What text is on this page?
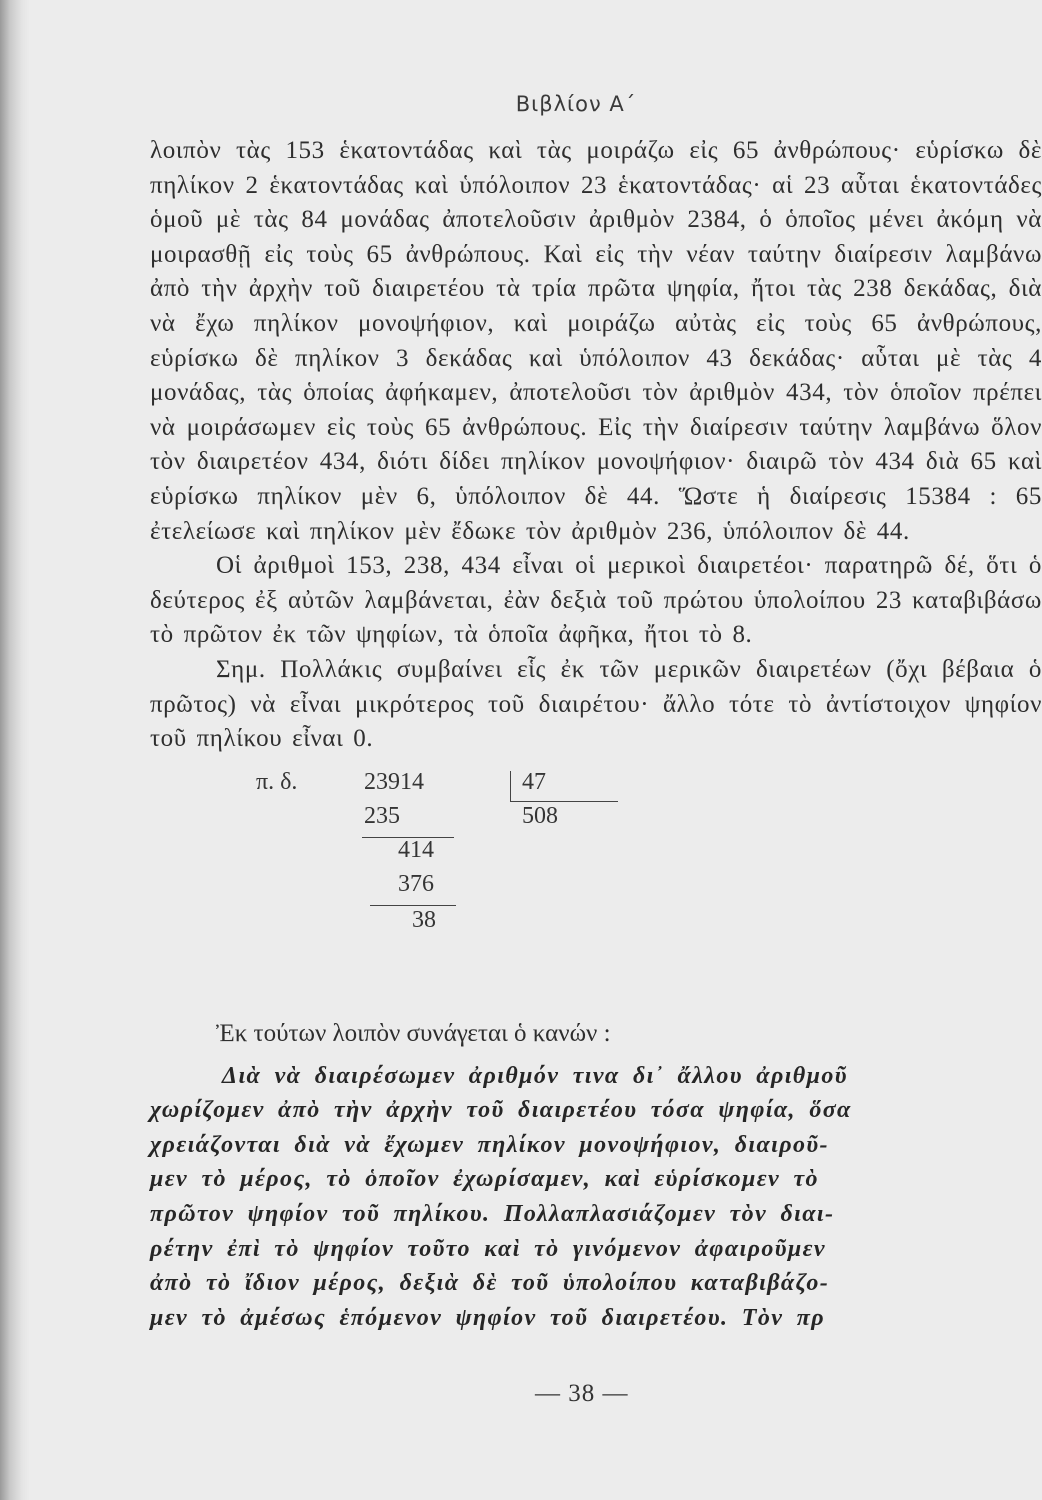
Βιβλίον Α΄

λοιπὸν τὰς 153 ἑκατοντάδας καὶ τὰς μοιράζω εἰς 65 ἀνθρώπους· εὑρίσκω δὲ πηλίκον 2 ἑκατοντάδας καὶ ὑπόλοιπον 23 ἑκατοντάδας· αἱ 23 αὗται ἑκατοντάδες ὁμοῦ μὲ τὰς 84 μονάδας ἀποτελοῦσιν ἀριθμὸν 2384, ὁ ὁποῖος μένει ἀκόμη νὰ μοιρασθῇ εἰς τοὺς 65 ἀνθρώπους. Καὶ εἰς τὴν νέαν ταύτην διαίρεσιν λαμβάνω ἀπὸ τὴν ἀρχὴν τοῦ διαιρετέου τὰ τρία πρῶτα ψηφία, ἤτοι τὰς 238 δεκάδας, διὰ νὰ ἔχω πηλίκον μονοψήφιον, καὶ μοιράζω αὐτὰς εἰς τοὺς 65 ἀνθρώπους, εὑρίσκω δὲ πηλίκον 3 δεκάδας καὶ ὑπόλοιπον 43 δεκάδας· αὗται μὲ τὰς 4 μονάδας, τὰς ὁποίας ἀφήκαμεν, ἀποτελοῦσι τὸν ἀριθμὸν 434, τὸν ὁποῖον πρέπει νὰ μοιράσωμεν εἰς τοὺς 65 ἀνθρώπους. Εἰς τὴν διαίρεσιν ταύτην λαμβάνω ὅλον τὸν διαιρετέον 434, διότι δίδει πηλίκον μονοψήφιον· διαιρῶ τὸν 434 διὰ 65 καὶ εὑρίσκω πηλίκον μὲν 6, ὑπόλοιπον δὲ 44. Ὥστε ἡ διαίρεσις 15384 : 65 ἐτελείωσε καὶ πηλίκον μὲν ἔδωκε τὸν ἀριθμὸν 236, ὑπόλοιπον δὲ 44.

Οἱ ἀριθμοὶ 153, 238, 434 εἶναι οἱ μερικοὶ διαιρετέοι· παρατηρῶ δέ, ὅτι ὁ δεύτερος ἐξ αὐτῶν λαμβάνεται, ἐὰν δεξιὰ τοῦ πρώτου ὑπολοίπου 23 καταβιβάσω τὸ πρῶτον ἐκ τῶν ψηφίων, τὰ ὁποῖα ἀφῆκα, ἤτοι τὸ 8.

Σημ. Πολλάκις συμβαίνει εἷς ἐκ τῶν μερικῶν διαιρετέων (ὄχι βέβαια ὁ πρῶτος) νὰ εἶναι μικρότερος τοῦ διαιρέτου· ἄλλο τότε τὸ ἀντίστοιχον ψηφίον τοῦ πηλίκου εἶναι 0.

π. δ.	23914	47
508
235
414
376
38

Ἐκ τούτων λοιπὸν συνάγεται ὁ κανών :

Διὰ νὰ διαιρέσωμεν ἀριθμόν τινα δι᾽ ἄλλου ἀριθμοῦ

χωρίζομεν ἀπὸ τὴν ἀρχὴν τοῦ διαιρετέου τόσα ψηφία, ὅσα

χρειάζονται διὰ νὰ ἔχωμεν πηλίκον μονοψήφιον, διαιροῦ-

μεν τὸ μέρος, τὸ ὁποῖον ἐχωρίσαμεν, καὶ εὑρίσκομεν τὸ

πρῶτον ψηφίον τοῦ πηλίκου. Πολλαπλασιάζομεν τὸν διαι-

ρέτην ἐπὶ τὸ ψηφίον τοῦτο καὶ τὸ γινόμενον ἀφαιροῦμεν

ἀπὸ τὸ ἴδιον μέρος, δεξιὰ δὲ τοῦ ὑπολοίπου καταβιβάζο-

μεν τὸ ἀμέσως ἑπόμενον ψηφίον τοῦ διαιρετέου. Τὸν πρ

— 38 —
